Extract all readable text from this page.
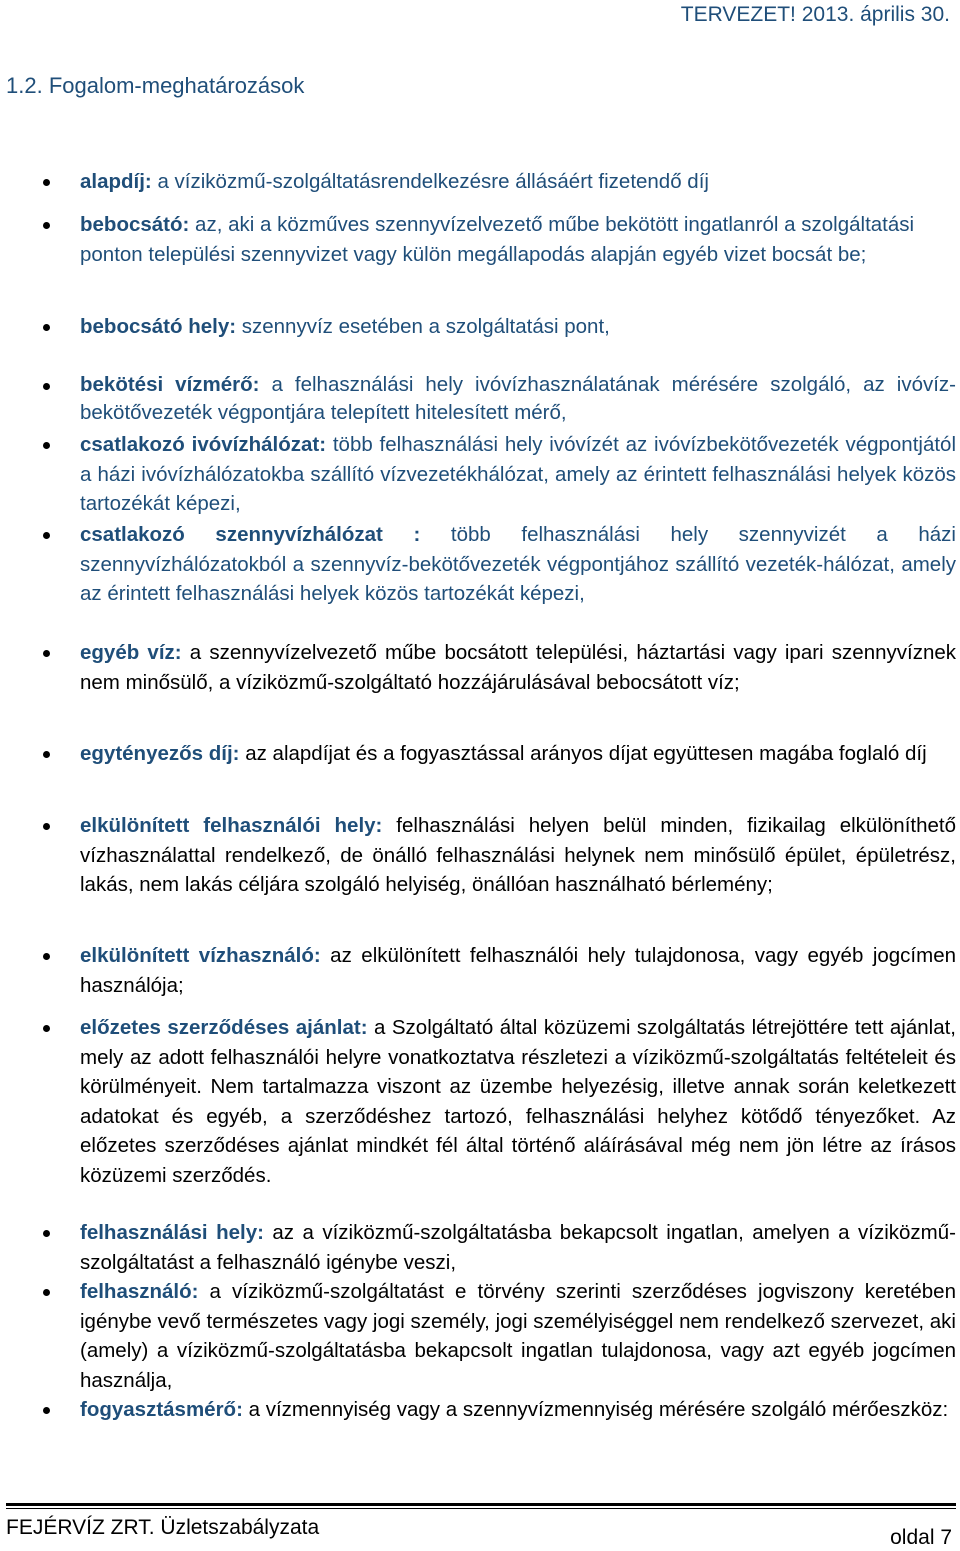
TERVEZET! 2013. április 30.
1.2. Fogalom-meghatározások
alapdíj: a víziközmű-szolgáltatásrendelkezésre állásáért fizetendő díj
bebocsátó: az, aki a közműves szennyvízelvezető műbe bekötött ingatlanról a szolgáltatási ponton települési szennyvizet vagy külön megállapodás alapján egyéb vizet bocsát be;
bebocsátó hely: szennyvíz esetében a szolgáltatási pont,
bekötési vízmérő: a felhasználási hely ivóvízhasználatának mérésére szolgáló, az ivóvíz-bekötővezeték végpontjára telepített hitelesített mérő,
csatlakozó ivóvízhálózat: több felhasználási hely ivóvízét az ivóvízbekötővezeték végpontjától a házi ivóvízhálózatokba szállító vízvezetékhálózat, amely az érintett felhasználási helyek közös tartozékát képezi,
csatlakozó szennyvízhálózat : több felhasználási hely szennyvizét a házi szennyvízhálózatokból a szennyvíz-bekötővezeték végpontjához szállító vezeték-hálózat, amely az érintett felhasználási helyek közös tartozékát képezi,
egyéb víz: a szennyvízelvezető műbe bocsátott települési, háztartási vagy ipari szennyvíznek nem minősülő, a víziközmű-szolgáltató hozzájárulásával bebocsátott víz;
egytényezős díj: az alapdíjat és a fogyasztással arányos díjat együttesen magába foglaló díj
elkülönített felhasználói hely: felhasználási helyen belül minden, fizikailag elkülöníthető vízhasználattal rendelkező, de önálló felhasználási helynek nem minősülő épület, épületrész, lakás, nem lakás céljára szolgáló helyiség, önállóan használható bérlemény;
elkülönített vízhasználó: az elkülönített felhasználói hely tulajdonosa, vagy egyéb jogcímen használója;
előzetes szerződéses ajánlat: a Szolgáltató által közüzemi szolgáltatás létrejöttére tett ajánlat, mely az adott felhasználói helyre vonatkoztatva részletezi a víziközmű-szolgáltatás feltételeit és körülményeit. Nem tartalmazza viszont az üzembe helyezésig, illetve annak során keletkezett adatokat és egyéb, a szerződéshez tartozó, felhasználási helyhez kötődő tényezőket. Az előzetes szerződéses ajánlat mindkét fél által történő aláírásával még nem jön létre az írásos közüzemi szerződés.
felhasználási hely: az a víziközmű-szolgáltatásba bekapcsolt ingatlan, amelyen a víziközmű-szolgáltatást a felhasználó igénybe veszi,
felhasználó: a víziközmű-szolgáltatást e törvény szerinti szerződéses jogviszony keretében igénybe vevő természetes vagy jogi személy, jogi személyiséggel nem rendelkező szervezet, aki (amely) a víziközmű-szolgáltatásba bekapcsolt ingatlan tulajdonosa, vagy azt egyéb jogcímen használja,
fogyasztásmérő: a vízmennyiség vagy a szennyvízmennyiség mérésére szolgáló mérőeszköz:
FEJÉRVÍZ ZRT. Üzletszabályzata	oldal 7
